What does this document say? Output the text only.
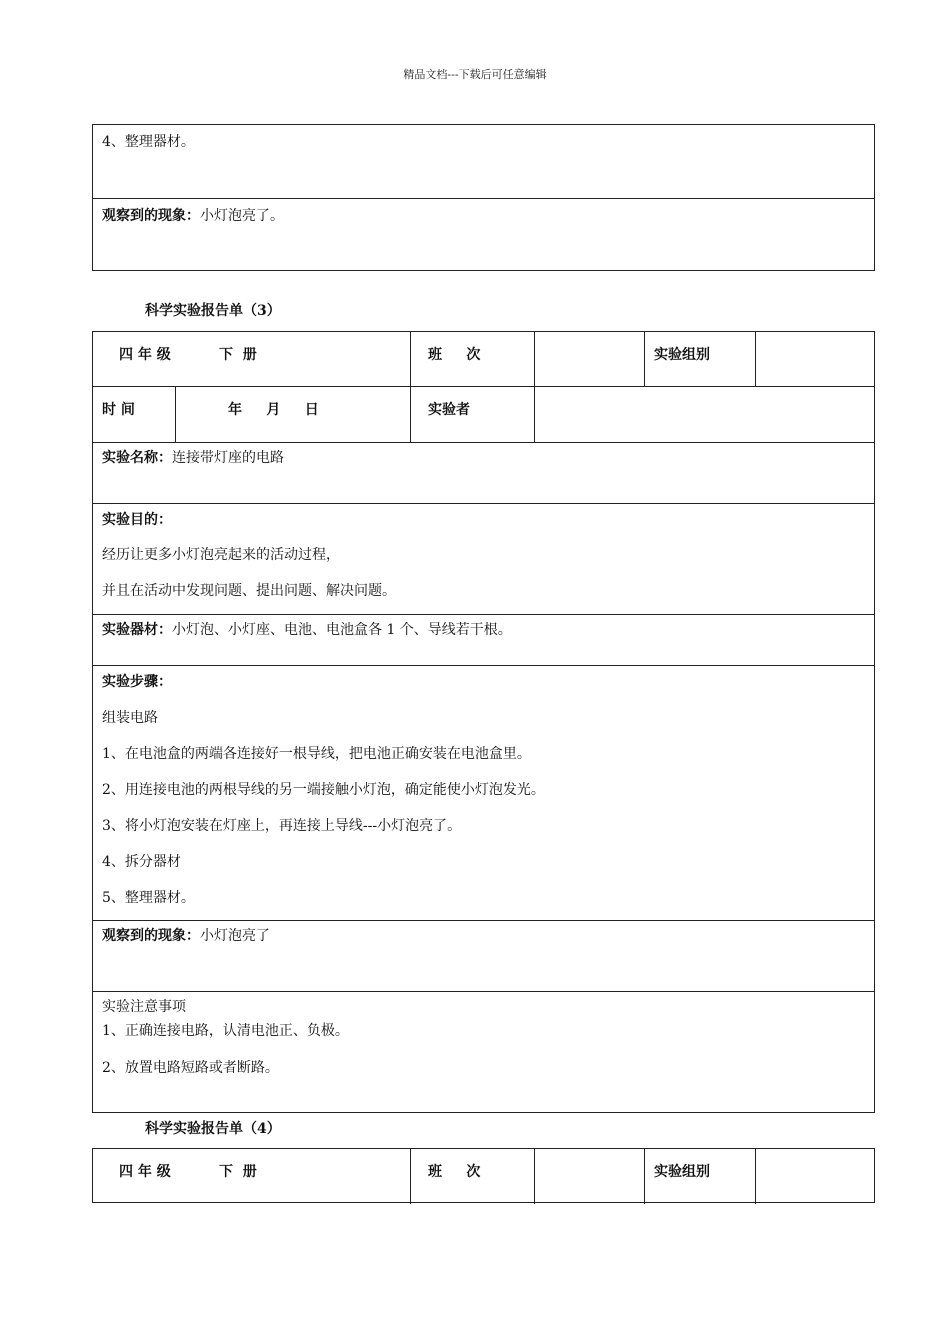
精品文档---下载后可任意编辑
4、整理器材。
观察到的现象：小灯泡亮了。
科学实验报告单（3）
四 年 级	下  册	班     次	实验组别
时 间	年     月     日	实验者
实验名称：连接带灯座的电路
实验目的：
经历让更多小灯泡亮起来的活动过程，
并且在活动中发现问题、提出问题、解决问题。
实验器材：小灯泡、小灯座、电池、电池盒各 1 个、导线若干根。
实验步骤：
组装电路
1、在电池盒的两端各连接好一根导线，把电池正确安装在电池盒里。
2、用连接电池的两根导线的另一端接触小灯泡，确定能使小灯泡发光。
3、将小灯泡安装在灯座上，再连接上导线---小灯泡亮了。
4、拆分器材
5、整理器材。
观察到的现象：小灯泡亮了
实验注意事项
1、正确连接电路，认清电池正、负极。
2、放置电路短路或者断路。
科学实验报告单（4）
四 年 级	下  册	班     次	实验组别
